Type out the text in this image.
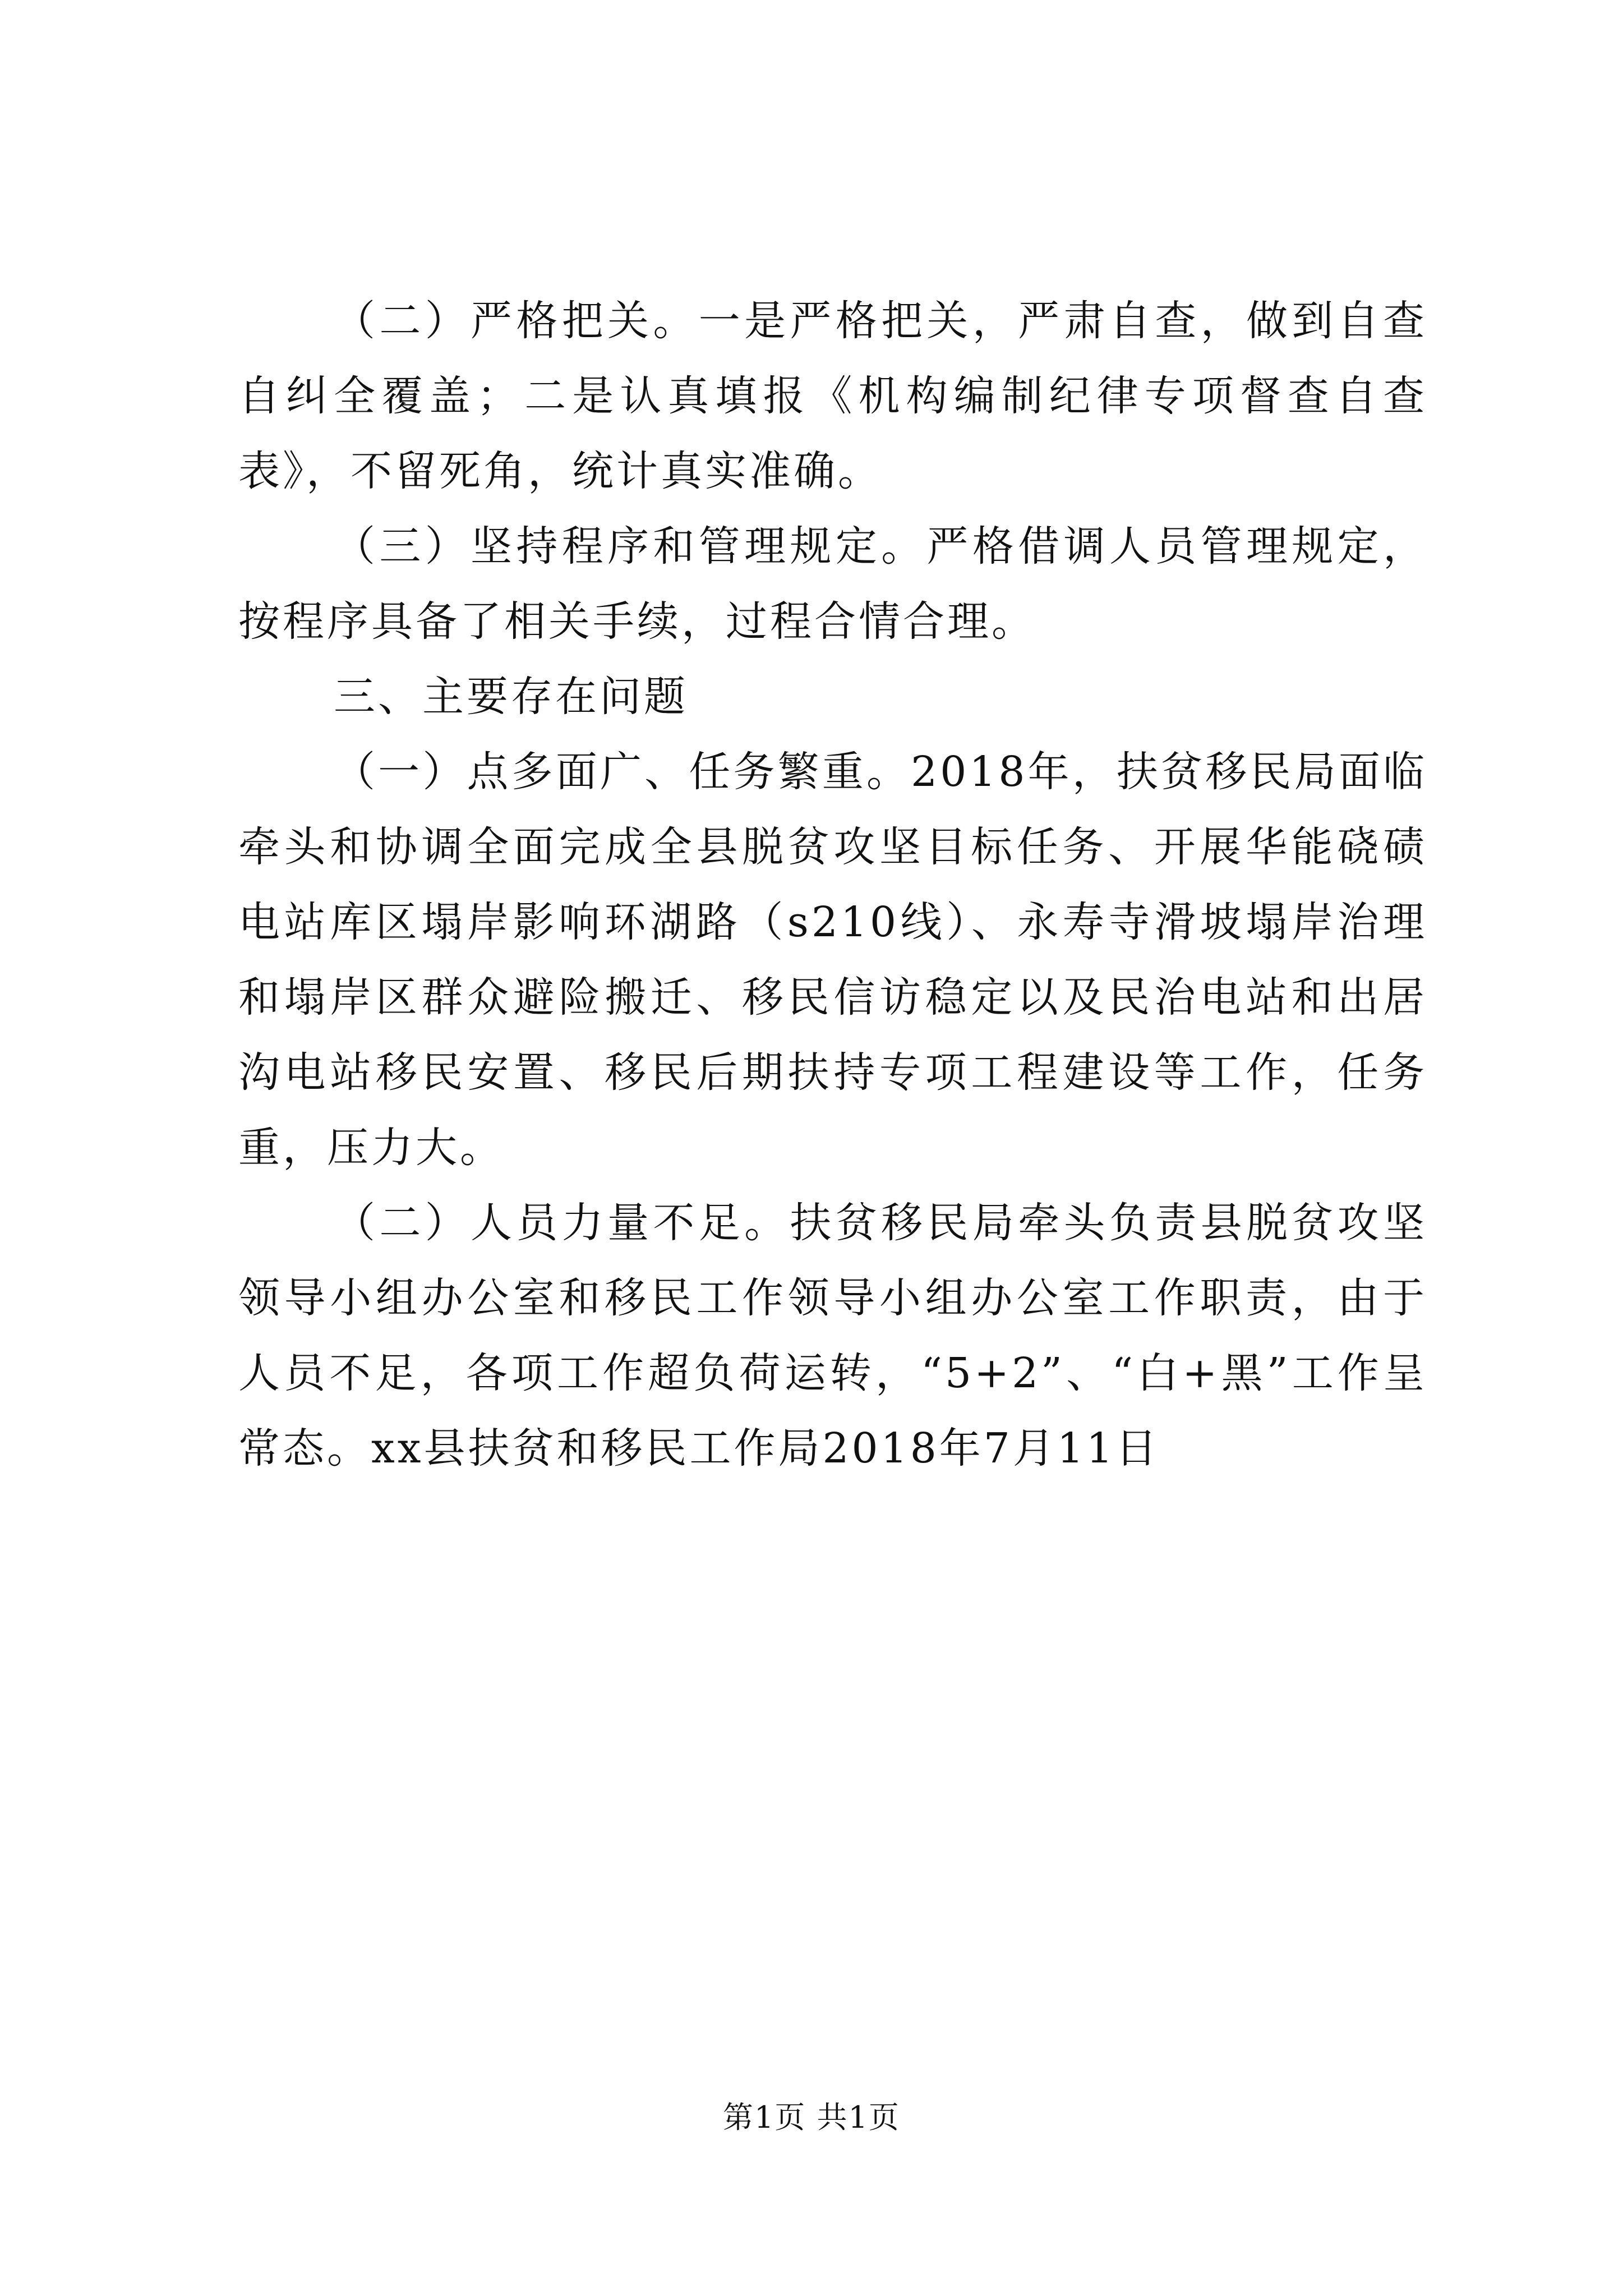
（二）严格把关。一是严格把关，严肃自查，做到自查自纠全覆盖；二是认真填报《机构编制纪律专项督查自查表》，不留死角，统计真实准确。

（三）坚持程序和管理规定。严格借调人员管理规定，按程序具备了相关手续，过程合情合理。

三、主要存在问题

（一）点多面广、任务繁重。2018年，扶贫移民局面临牵头和协调全面完成全县脱贫攻坚目标任务、开展华能硗碛电站库区塌岸影响环湖路（s210线）、永寿寺滑坡塌岸治理和塌岸区群众避险搬迁、移民信访稳定以及民治电站和出居沟电站移民安置、移民后期扶持专项工程建设等工作，任务重，压力大。

（二）人员力量不足。扶贫移民局牵头负责县脱贫攻坚领导小组办公室和移民工作领导小组办公室工作职责，由于人员不足，各项工作超负荷运转，“5+2”、“白+黑”工作呈常态。xx县扶贫和移民工作局2018年7月11日

第1页 共1页
